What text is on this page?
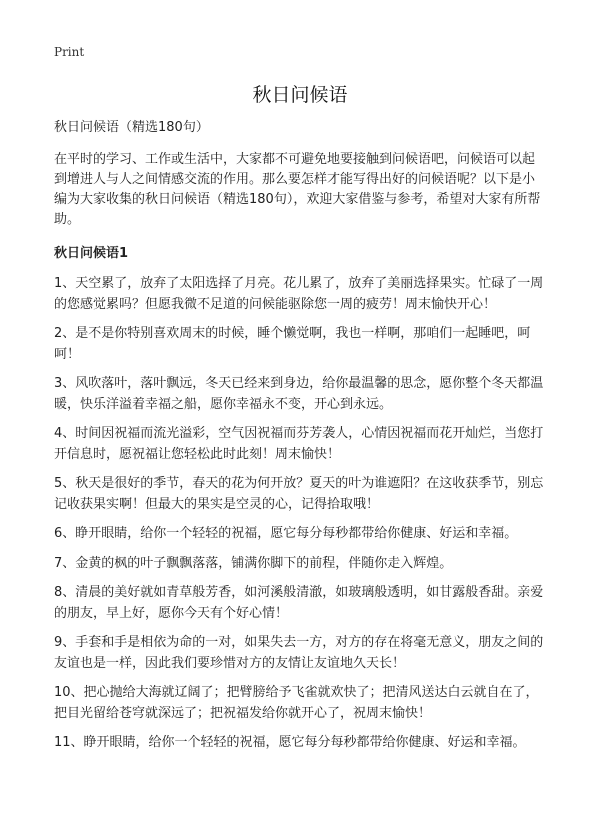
Print
秋日问候语

秋日问候语（精选180句）

在平时的学习、工作或生活中，大家都不可避免地要接触到问候语吧，问候语可以起到增进人与人之间情感交流的作用。那么要怎样才能写得出好的问候语呢？以下是小编为大家收集的秋日问候语（精选180句），欢迎大家借鉴与参考，希望对大家有所帮助。

秋日问候语1

1、天空累了，放弃了太阳选择了月亮。花儿累了，放弃了美丽选择果实。忙碌了一周的您感觉累吗？但愿我微不足道的问候能驱除您一周的疲劳！周末愉快开心！

2、是不是你特别喜欢周末的时候，睡个懒觉啊，我也一样啊，那咱们一起睡吧，呵呵！

3、风吹落叶，落叶飘远，冬天已经来到身边，给你最温馨的思念，愿你整个冬天都温暖，快乐洋溢着幸福之船，愿你幸福永不变，开心到永远。

4、时间因祝福而流光溢彩，空气因祝福而芬芳袭人，心情因祝福而花开灿烂，当您打开信息时，愿祝福让您轻松此时此刻！周末愉快！

5、秋天是很好的季节，春天的花为何开放？夏天的叶为谁遮阳？在这收获季节，别忘记收获果实啊！但最大的果实是空灵的心，记得拾取哦！

6、睁开眼睛，给你一个轻轻的祝福，愿它每分每秒都带给你健康、好运和幸福。

7、金黄的枫的叶子飘飘落落，铺满你脚下的前程，伴随你走入辉煌。

8、清晨的美好就如青草般芳香，如河溪般清澈，如玻璃般透明，如甘露般香甜。亲爱的朋友，早上好，愿你今天有个好心情！

9、手套和手是相依为命的一对，如果失去一方，对方的存在将毫无意义，朋友之间的友谊也是一样，因此我们要珍惜对方的友情让友谊地久天长！

10、把心抛给大海就辽阔了；把臂膀给予飞雀就欢快了；把清风送达白云就自在了，把目光留给苍穹就深远了；把祝福发给你就开心了，祝周末愉快！

11、睁开眼睛，给你一个轻轻的祝福，愿它每分每秒都带给你健康、好运和幸福。
